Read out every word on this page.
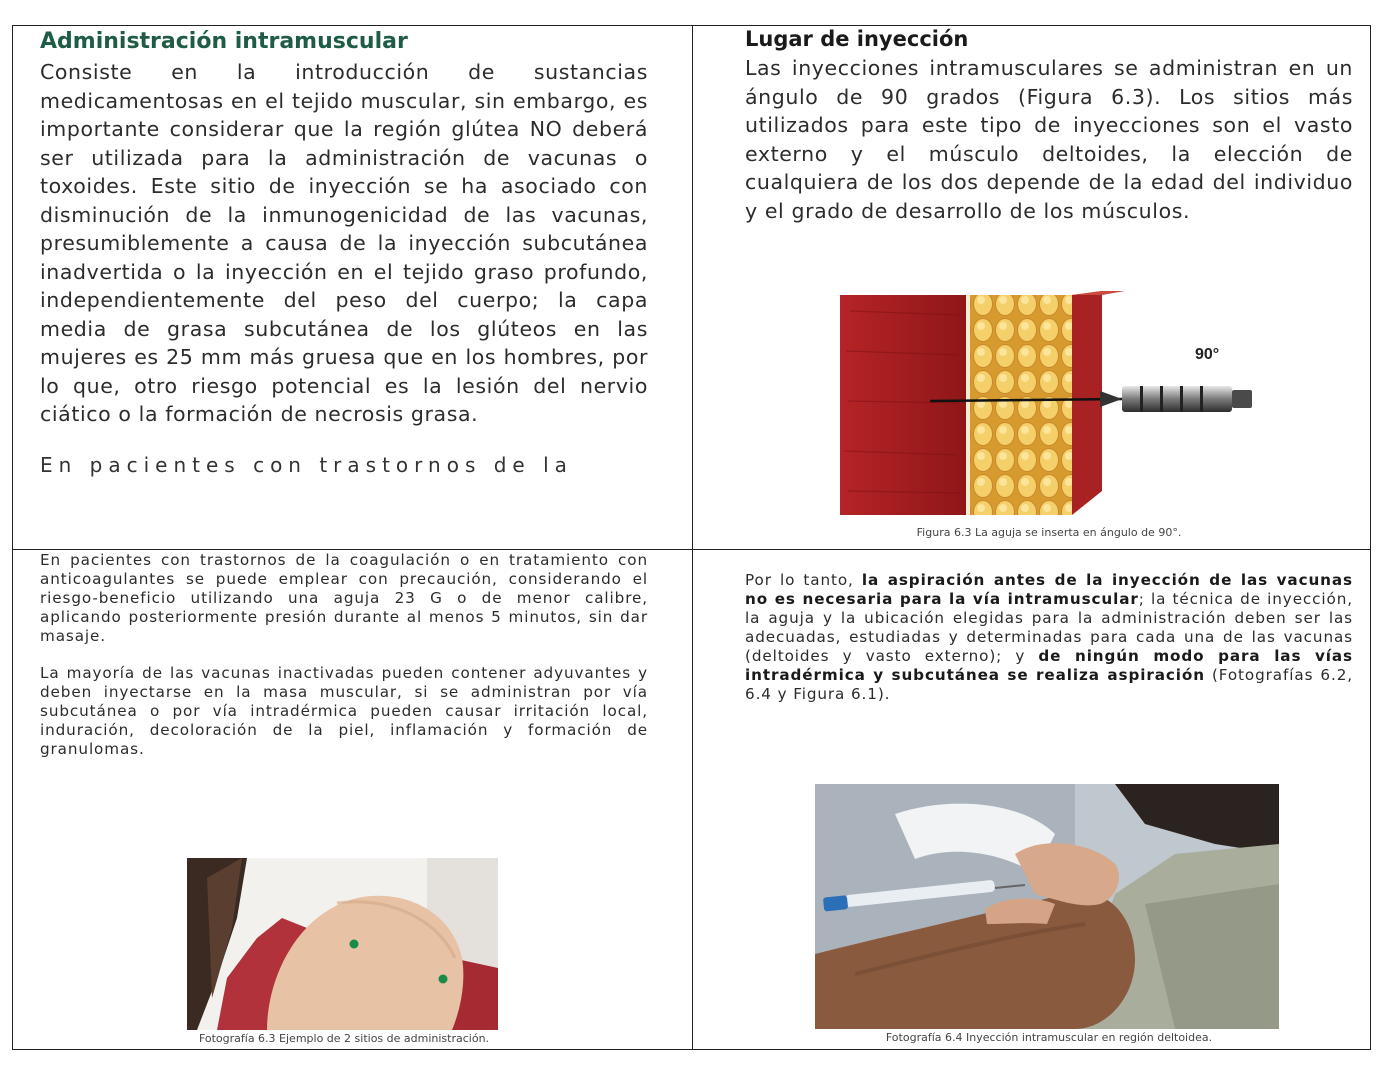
Administración intramuscular

Consiste en la introducción de sustancias medicamentosas en el tejido muscular, sin embargo, es importante considerar que la región glútea NO deberá ser utilizada para la administración de vacunas o toxoides. Este sitio de inyección se ha asociado con disminución de la inmunogenicidad de las vacunas, presumiblemente a causa de la inyección subcutánea inadvertida o la inyección en el tejido graso profundo, independientemente del peso del cuerpo; la capa media de grasa subcutánea de los glúteos en las mujeres es 25 mm más gruesa que en los hombres, por lo que, otro riesgo potencial es la lesión del nervio ciático o la formación de necrosis grasa.

En pacientes con trastornos de la
Lugar de inyección

Las inyecciones intramusculares se administran en un ángulo de 90 grados (Figura 6.3). Los sitios más utilizados para este tipo de inyecciones son el vasto externo y el músculo deltoides, la elección de cualquiera de los dos depende de la edad del individuo y el grado de desarrollo de los músculos.

90°
Figura 6.3 La aguja se inserta en ángulo de 90°.

En pacientes con trastornos de la coagulación o en tratamiento con anticoagulantes se puede emplear con precaución, considerando el riesgo-beneficio utilizando una aguja 23 G o de menor calibre, aplicando posteriormente presión durante al menos 5 minutos, sin dar masaje.

La mayoría de las vacunas inactivadas pueden contener adyuvantes y deben inyectarse en la masa muscular, si se administran por vía subcutánea o por vía intradérmica pueden causar irritación local, induración, decoloración de la piel, inflamación y formación de granulomas.

Fotografía 6.3 Ejemplo de 2 sitios de administración.

Por lo tanto, la aspiración antes de la inyección de las vacunas no es necesaria para la vía intramuscular; la técnica de inyección, la aguja y la ubicación elegidas para la administración deben ser las adecuadas, estudiadas y determinadas para cada una de las vacunas (deltoides y vasto externo); y de ningún modo para las vías intradérmica y subcutánea se realiza aspiración (Fotografías 6.2, 6.4 y Figura 6.1).

Fotografía 6.4 Inyección intramuscular en región deltoidea.
